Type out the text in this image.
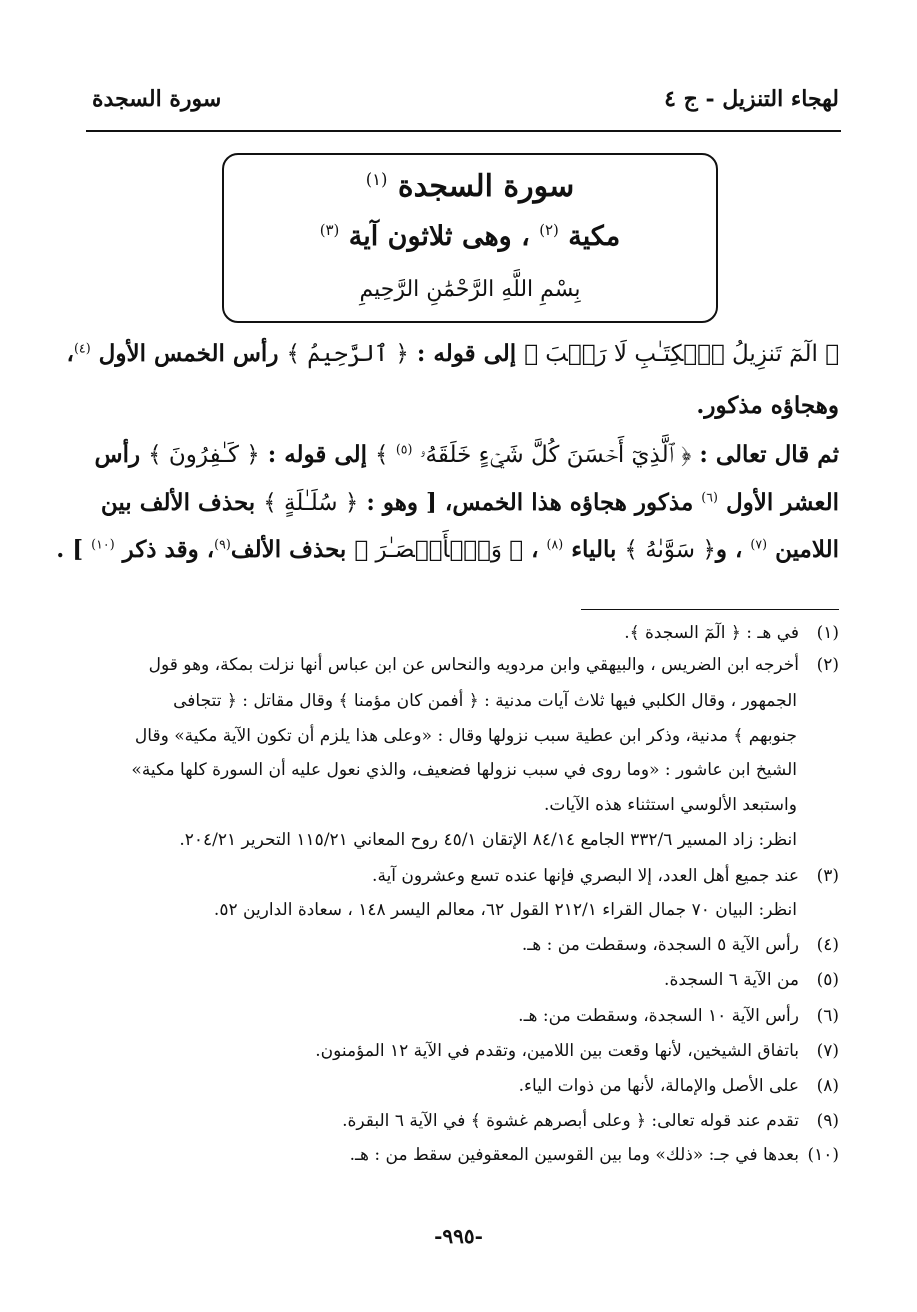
لهجاء التنزيل - ج ٤
سورة السجدة
سورة السجدة $^{(١)}$
مكية $^{(٢)}$ ، وهى ثلاثون آية $^{(٣)}$
بِسْمِ اللَّهِ الرَّحْمَٰنِ الرَّحِيمِ
﴿ الٓمٓ تَنزِيلُ ٱلۡكِتَـٰبِ لَا رَيۡبَ ﴾ إلى قوله : ﴿ ٱلرَّحِيمُ ﴾ رأس الخمس الأول $^{(٤)}$،
وهجاؤه مذكور.
ثم قال تعالى : ﴿ ٱلَّذِيٓ أَحۡسَنَ كُلَّ شَيۡءٍ خَلَقَهُۥ $^{(٥)}$ ﴾ إلى قوله : ﴿ كَـٰفِرُونَ ﴾ رأس
العشر الأول $^{(٦)}$ مذكور هجاؤه هذا الخمس، [ وهو : ﴿ سُلَـٰلَةٍ ﴾ بحذف الألف بين
اللامين $^{(٧)}$ ، و﴿ سَوَّىٰهُ ﴾ بالياء $^{(٨)}$ ، ﴿ وَٱلۡأَبۡصَـٰرَ ﴾ بحذف الألف$^{(٩)}$، وقد ذكر $^{(١٠)}$ ] .
(١)في هـ : ﴿ الٓمٓ السجدة ﴾.
(٢)أخرجه ابن الضريس ، والبيهقي وابن مردويه والنحاس عن ابن عباس أنها نزلت بمكة، وهو قول
الجمهور ، وقال الكلبي فيها ثلاث آيات مدنية : ﴿ أفمن كان مؤمنا ﴾ وقال مقاتل : ﴿ تتجافى
جنوبهم ﴾ مدنية، وذكر ابن عطية سبب نزولها وقال : «وعلى هذا يلزم أن تكون الآية مكية» وقال
الشيخ ابن عاشور : «وما روى في سبب نزولها فضعيف، والذي نعول عليه أن السورة كلها مكية»
واستبعد الألوسي استثناء هذه الآيات.
انظر: زاد المسير ٣٣٢/٦ الجامع ٨٤/١٤ الإتقان ٤٥/١ روح المعاني ١١٥/٢١ التحرير ٢٠٤/٢١.
(٣)عند جميع أهل العدد، إلا البصري فإنها عنده تسع وعشرون آية.
انظر: البيان ٧٠ جمال القراء ٢١٢/١ القول ٦٢، معالم اليسر ١٤٨ ، سعادة الدارين ٥٢.
(٤)رأس الآية ٥ السجدة، وسقطت من : هـ.
(٥)من الآية ٦ السجدة.
(٦)رأس الآية ١٠ السجدة، وسقطت من: هـ.
(٧)باتفاق الشيخين، لأنها وقعت بين اللامين، وتقدم في الآية ١٢ المؤمنون.
(٨)على الأصل والإمالة، لأنها من ذوات الياء.
(٩)تقدم عند قوله تعالى: ﴿ وعلى أبصرهم غشوة ﴾ في الآية ٦ البقرة.
(١٠)بعدها في جـ: «ذلك» وما بين القوسين المعقوفين سقط من : هـ.
-٩٩٥-
